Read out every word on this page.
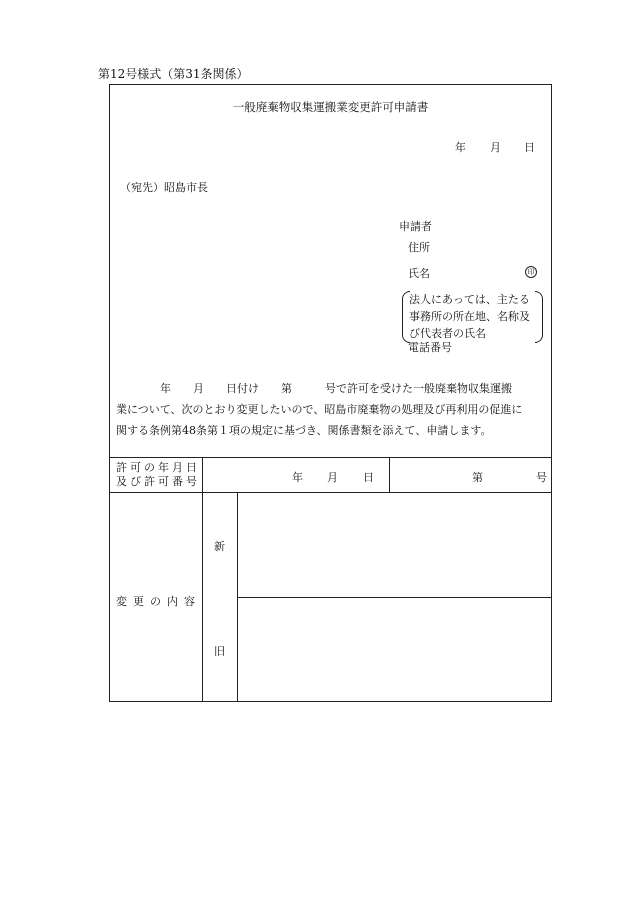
第12号様式（第31条関係）
一般廃棄物収集運搬業変更許可申請書
年 月 日
（宛先）昭島市長
申請者
住所
氏名	印
法人にあっては、主たる
事務所の所在地、名称及
び代表者の氏名
電話番号

　　　　年　　月　　日付け　　第　　　号で許可を受けた一般廃棄物収集運搬

業について、次のとおり変更したいので、昭島市廃棄物の処理及び再利用の促進に

関する条例第48条第１項の規定に基づき、関係書類を添えて、申請します。

許可の年月日
及び許可番号	年 月 日	第	号
変更の内容
新
旧
